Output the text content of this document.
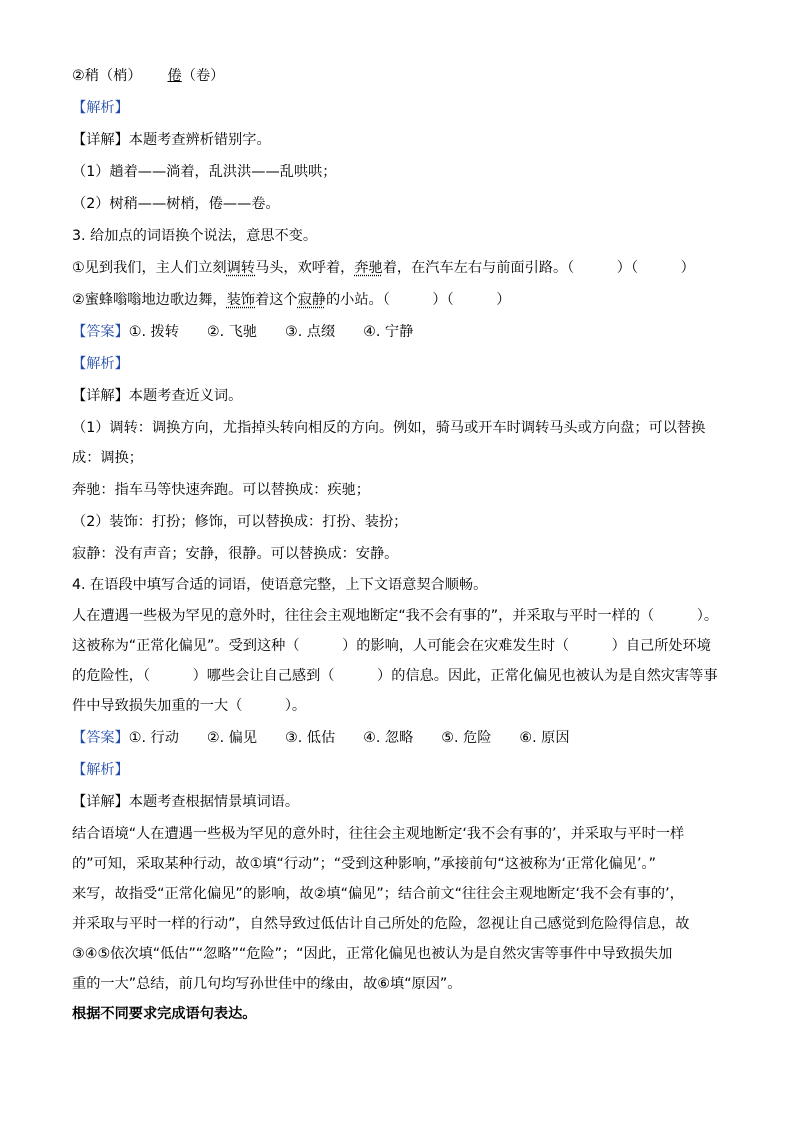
②稍（梢） 倦（卷）
【解析】
【详解】本题考查辨析错别字。
（1）趟着——淌着，乱洪洪——乱哄哄；
（2）树稍——树梢，倦——卷。
3. 给加点的词语换个说法，意思不变。
①见到我们，主人们立刻调转马头，欢呼着，奔驰着，在汽车左右与前面引路。（　　　）（　　　）
②蜜蜂嗡嗡地边歌边舞，装饰着这个寂静的小站。（　　　）（　　　）
【答案】①. 拨转 ②. 飞驰 ③. 点缀 ④. 宁静
【解析】
【详解】本题考查近义词。
（1）调转：调换方向，尤指掉头转向相反的方向。例如，骑马或开车时调转马头或方向盘；可以替换
成：调换；
奔驰：指车马等快速奔跑。可以替换成：疾驰；
（2）装饰：打扮；修饰，可以替换成：打扮、装扮；
寂静：没有声音；安静，很静。可以替换成：安静。
4. 在语段中填写合适的词语，使语意完整，上下文语意契合顺畅。
人在遭遇一些极为罕见的意外时，往往会主观地断定“我不会有事的”，并采取与平时一样的（　　　）。
这被称为“正常化偏见”。受到这种（　　　）的影响，人可能会在灾难发生时（　　　）自己所处环境
的危险性，（　　　）哪些会让自己感到（　　　）的信息。因此，正常化偏见也被认为是自然灾害等事
件中导致损失加重的一大（　　　）。
【答案】①. 行动 ②. 偏见 ③. 低估 ④. 忽略 ⑤. 危险 ⑥. 原因
【解析】
【详解】本题考查根据情景填词语。
结合语境“人在遭遇一些极为罕见的意外时，往往会主观地断定‘我不会有事的’，并采取与平时一样
的”可知，采取某种行动，故①填“行动”；“受到这种影响，”承接前句“这被称为‘正常化偏见’。”
来写，故指受“正常化偏见”的影响，故②填“偏见”；结合前文“往往会主观地断定‘我不会有事的’，
并采取与平时一样的行动”，自然导致过低估计自己所处的危险，忽视让自己感觉到危险得信息，故
③④⑤依次填“低估”“忽略”“危险”；“因此，正常化偏见也被认为是自然灾害等事件中导致损失加
重的一大”总结，前几句均写孙世佳中的缘由，故⑥填“原因”。
根据不同要求完成语句表达。
